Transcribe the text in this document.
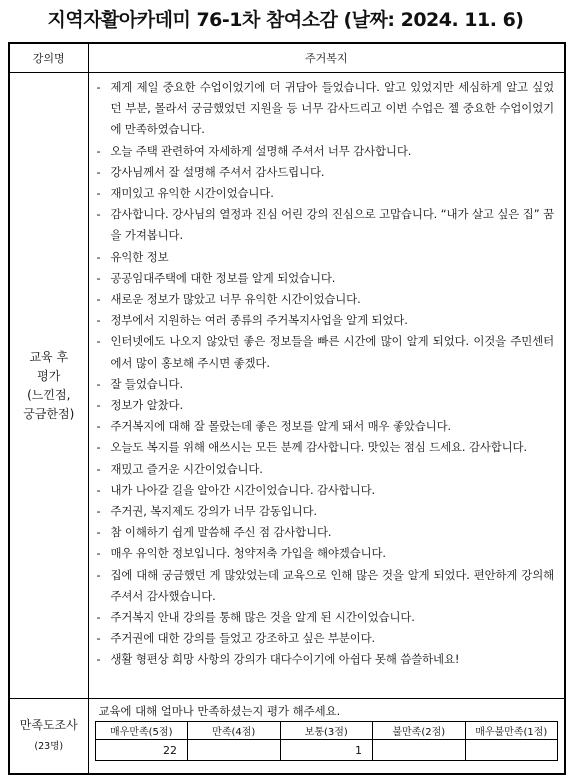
지역자활아카데미 76-1차 참여소감 (날짜: 2024. 11. 6)
강의명	주거복지

교육 후
평가
(느낀점,
궁금한점)

- 제게 제일 중요한 수업이었기에 더 귀담아 들었습니다. 알고 있었지만 세심하게 알고 싶었던 부분, 몰라서 궁금했었던 지원을 등 너무 감사드리고 이번 수업은 젤 중요한 수업이었기에 만족하였습니다.
- 오늘 주택 관련하여 자세하게 설명해 주셔서 너무 감사합니다.
- 강사님께서 잘 설명해 주셔서 감사드립니다.
- 재미있고 유익한 시간이었습니다.
- 감사합니다. 강사님의 열정과 진심 어린 강의 진심으로 고맙습니다. “내가 살고 싶은 집” 꿈을 가져봅니다.
- 유익한 정보
- 공공임대주택에 대한 정보를 알게 되었습니다.
- 새로운 정보가 많았고 너무 유익한 시간이었습니다.
- 정부에서 지원하는 여러 종류의 주거복지사업을 알게 되었다.
- 인터넷에도 나오지 않았던 좋은 정보들을 빠른 시간에 많이 알게 되었다. 이것을 주민센터에서 많이 홍보해 주시면 좋겠다.
- 잘 들었습니다.
- 정보가 알찼다.
- 주거복지에 대해 잘 몰랐는데 좋은 정보를 알게 돼서 매우 좋았습니다.
- 오늘도 복지를 위해 애쓰시는 모든 분께 감사합니다. 맛있는 점심 드세요. 감사합니다.
- 재밌고 즐거운 시간이었습니다.
- 내가 나아갈 길을 알아간 시간이었습니다. 감사합니다.
- 주거권, 복지제도 강의가 너무 감동입니다.
- 참 이해하기 쉽게 말씀해 주신 점 감사합니다.
- 매우 유익한 정보입니다. 청약저축 가입을 해야겠습니다.
- 집에 대해 궁금했던 게 많았었는데 교육으로 인해 많은 것을 알게 되었다. 편안하게 강의해 주셔서 감사했습니다.
- 주거복지 안내 강의를 통해 많은 것을 알게 된 시간이었습니다.
- 주거권에 대한 강의를 들었고 강조하고 싶은 부분이다.
- 생활 형편상 희망 사항의 강의가 대다수이기에 아쉽다 못해 씁쓸하네요!

만족도조사
(23명)

교육에 대해 얼마나 만족하셨는지 평가 해주세요.
매우만족(5점)	만족(4점)	보통(3점)	불만족(2점)	매우불만족(1점)
22		1		
